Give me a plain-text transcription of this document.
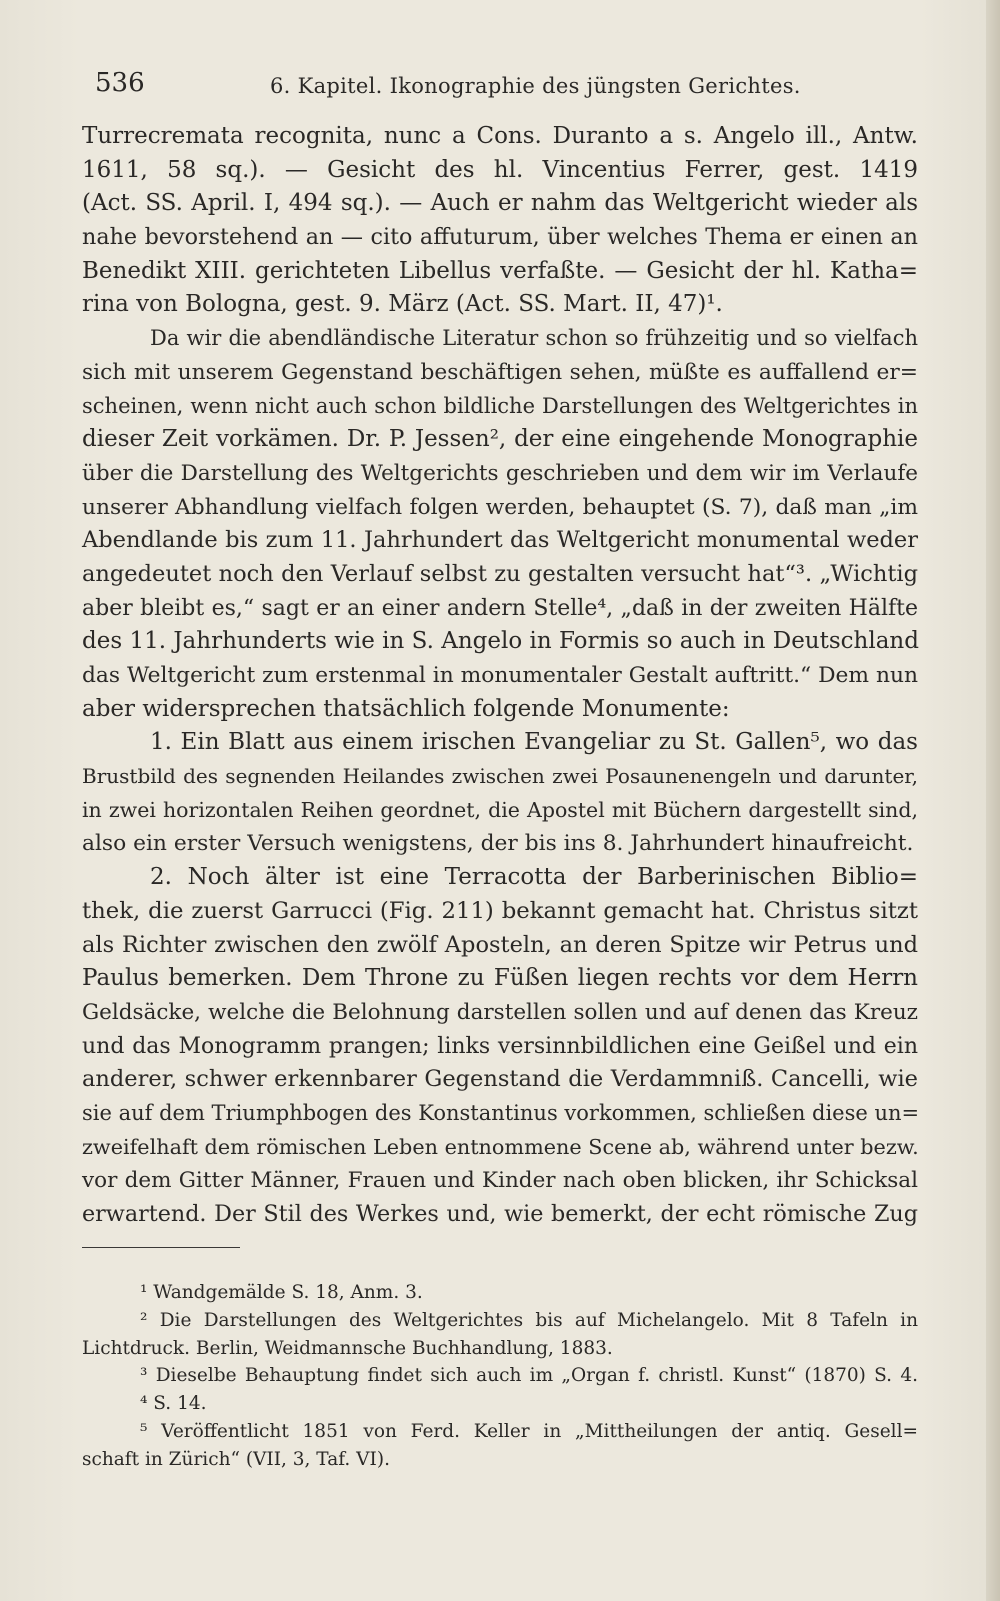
536	6. Kapitel. Ikonographie des jüngsten Gerichtes.
Turrecremata recognita, nunc a Cons. Duranto a s. Angelo ill., Antw.
1611, 58 sq.). — Gesicht des hl. Vincentius Ferrer, gest. 1419
(Act. SS. April. I, 494 sq.). — Auch er nahm das Weltgericht wieder als
nahe bevorstehend an — cito affuturum, über welches Thema er einen an
Benedikt XIII. gerichteten Libellus verfaßte. — Gesicht der hl. Katha=
rina von Bologna, gest. 9. März (Act. SS. Mart. II, 47)¹.
Da wir die abendländische Literatur schon so frühzeitig und so vielfach
sich mit unserem Gegenstand beschäftigen sehen, müßte es auffallend er=
scheinen, wenn nicht auch schon bildliche Darstellungen des Weltgerichtes in
dieser Zeit vorkämen. Dr. P. Jessen², der eine eingehende Monographie
über die Darstellung des Weltgerichts geschrieben und dem wir im Verlaufe
unserer Abhandlung vielfach folgen werden, behauptet (S. 7), daß man „im
Abendlande bis zum 11. Jahrhundert das Weltgericht monumental weder
angedeutet noch den Verlauf selbst zu gestalten versucht hat“³. „Wichtig
aber bleibt es,“ sagt er an einer andern Stelle⁴, „daß in der zweiten Hälfte
des 11. Jahrhunderts wie in S. Angelo in Formis so auch in Deutschland
das Weltgericht zum erstenmal in monumentaler Gestalt auftritt.“ Dem nun
aber widersprechen thatsächlich folgende Monumente:
1. Ein Blatt aus einem irischen Evangeliar zu St. Gallen⁵, wo das
Brustbild des segnenden Heilandes zwischen zwei Posaunenengeln und darunter,
in zwei horizontalen Reihen geordnet, die Apostel mit Büchern dargestellt sind,
also ein erster Versuch wenigstens, der bis ins 8. Jahrhundert hinaufreicht.
2. Noch älter ist eine Terracotta der Barberinischen Biblio=
thek, die zuerst Garrucci (Fig. 211) bekannt gemacht hat. Christus sitzt
als Richter zwischen den zwölf Aposteln, an deren Spitze wir Petrus und
Paulus bemerken. Dem Throne zu Füßen liegen rechts vor dem Herrn
Geldsäcke, welche die Belohnung darstellen sollen und auf denen das Kreuz
und das Monogramm prangen; links versinnbildlichen eine Geißel und ein
anderer, schwer erkennbarer Gegenstand die Verdammniß. Cancelli, wie
sie auf dem Triumphbogen des Konstantinus vorkommen, schließen diese un=
zweifelhaft dem römischen Leben entnommene Scene ab, während unter bezw.
vor dem Gitter Männer, Frauen und Kinder nach oben blicken, ihr Schicksal
erwartend. Der Stil des Werkes und, wie bemerkt, der echt römische Zug
¹ Wandgemälde S. 18, Anm. 3.
² Die Darstellungen des Weltgerichtes bis auf Michelangelo. Mit 8 Tafeln in
Lichtdruck. Berlin, Weidmannsche Buchhandlung, 1883.
³ Dieselbe Behauptung findet sich auch im „Organ f. christl. Kunst“ (1870) S. 4.
⁴ S. 14.
⁵ Veröffentlicht 1851 von Ferd. Keller in „Mittheilungen der antiq. Gesell=
schaft in Zürich“ (VII, 3, Taf. VI).
